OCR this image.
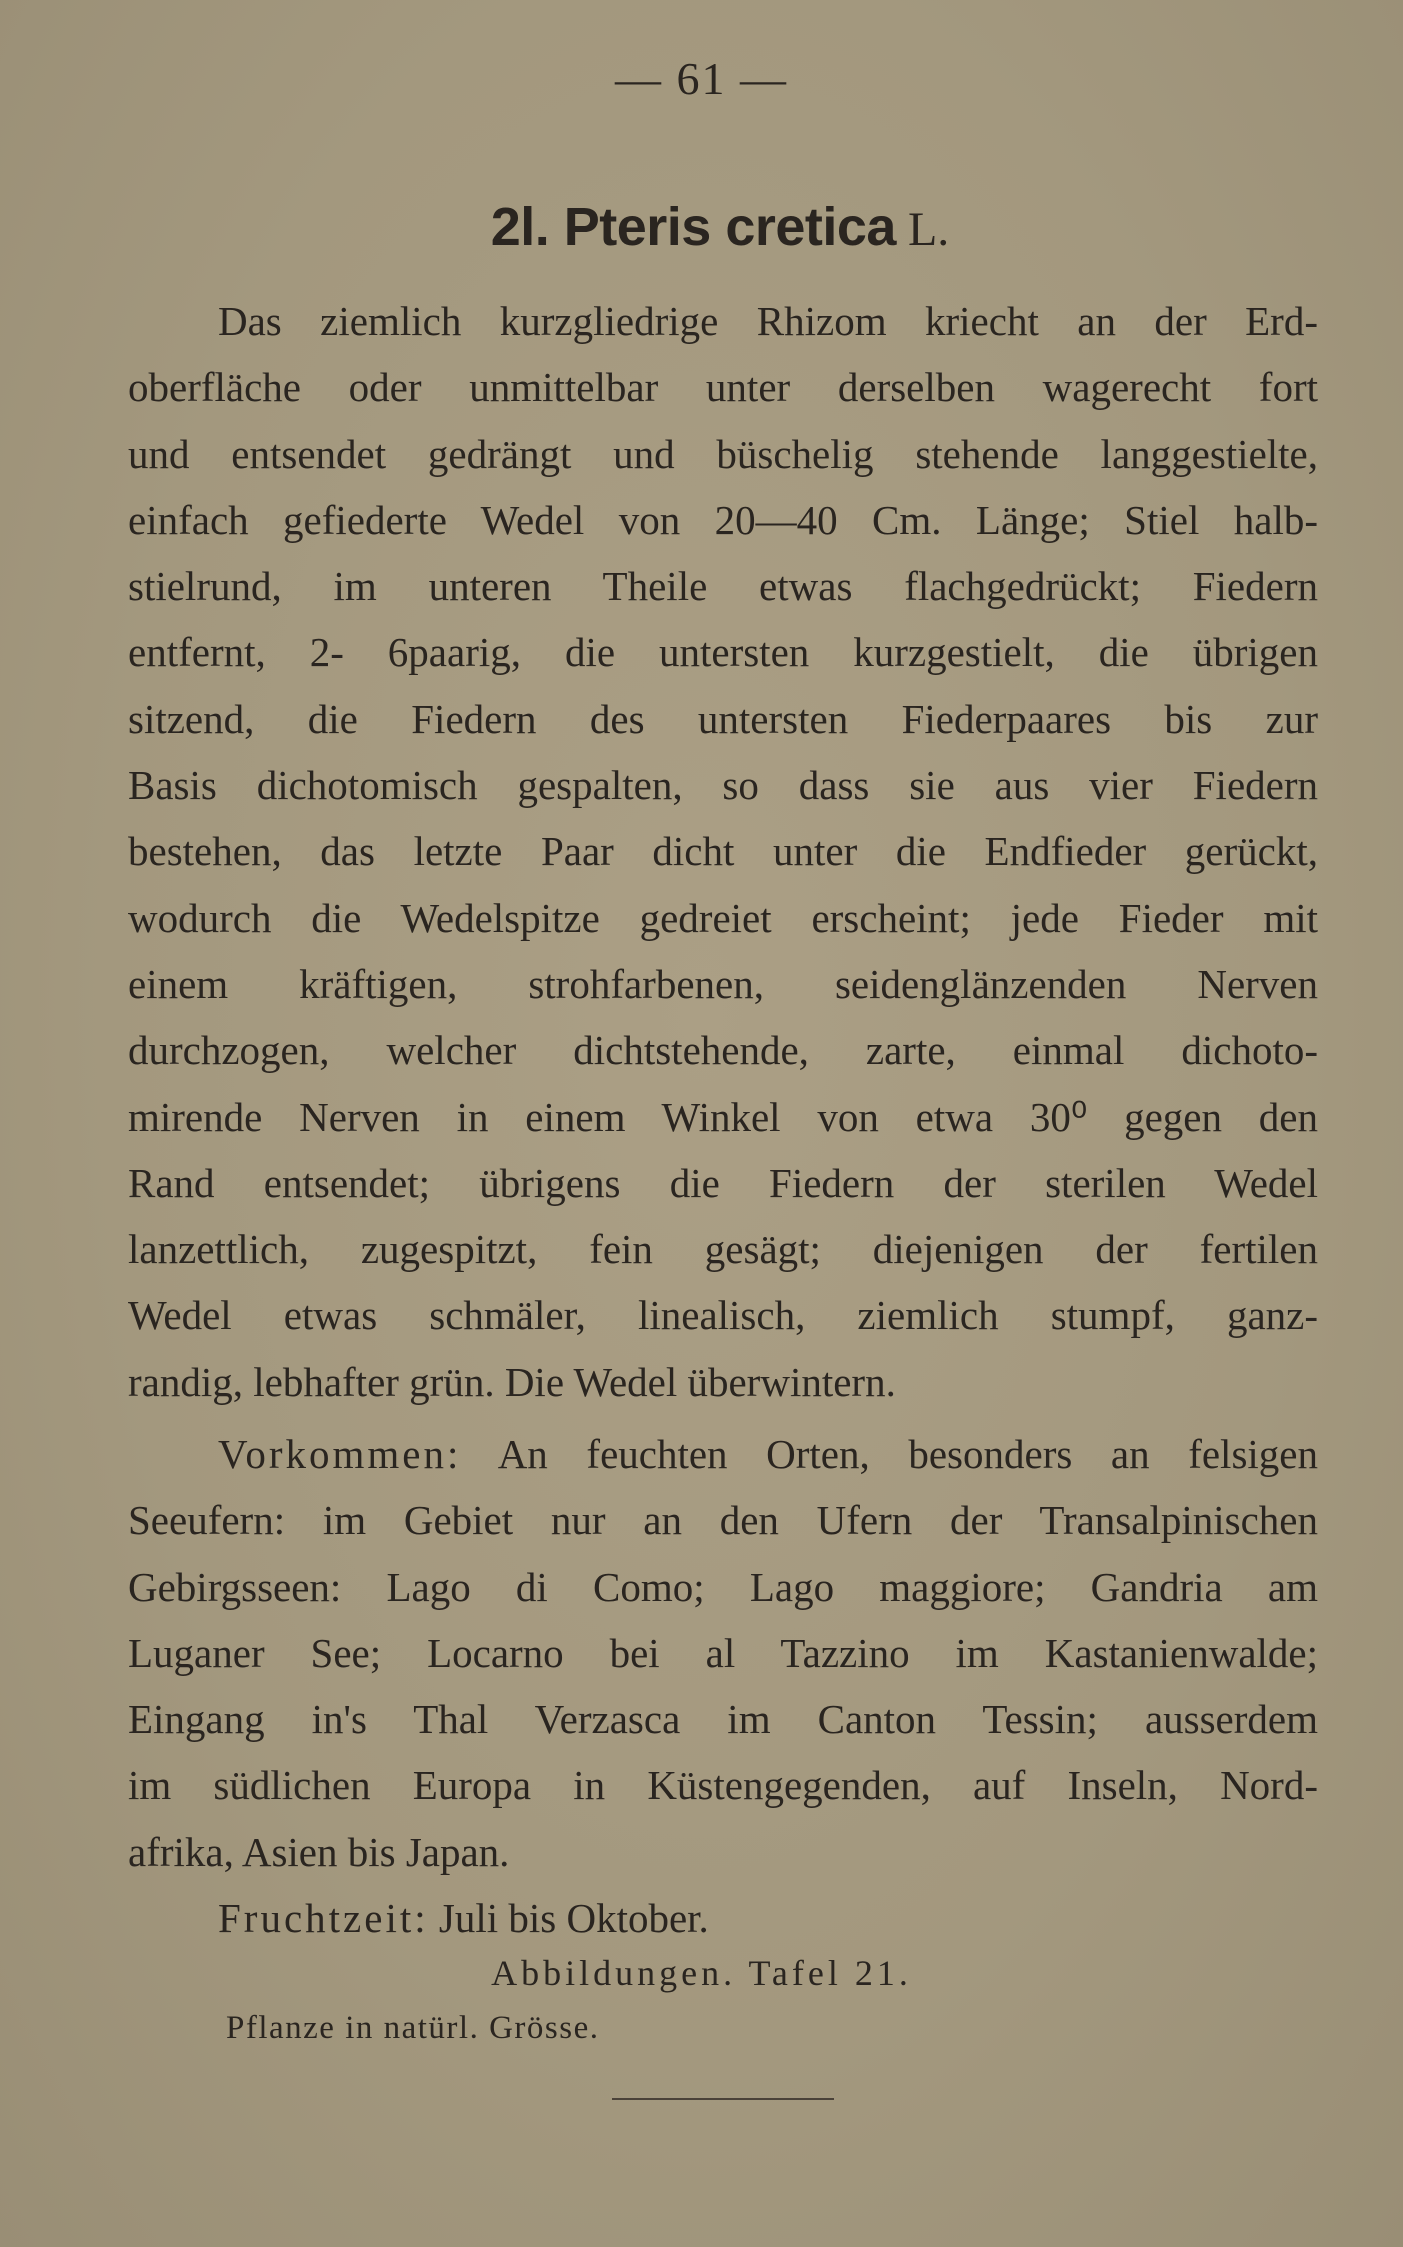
— 61 —
2l. Pteris cretica L.
Das ziemlich kurzgliedrige Rhizom kriecht an der Erd-
oberfläche oder unmittelbar unter derselben wagerecht fort
und entsendet gedrängt und büschelig stehende langgestielte,
einfach gefiederte Wedel von 20—40 Cm. Länge; Stiel halb-
stielrund, im unteren Theile etwas flachgedrückt; Fiedern
entfernt, 2- 6paarig, die untersten kurzgestielt, die übrigen
sitzend, die Fiedern des untersten Fiederpaares bis zur
Basis dichotomisch gespalten, so dass sie aus vier Fiedern
bestehen, das letzte Paar dicht unter die Endfieder gerückt,
wodurch die Wedelspitze gedreiet erscheint; jede Fieder mit
einem kräftigen, strohfarbenen, seidenglänzenden Nerven
durchzogen, welcher dichtstehende, zarte, einmal dichoto-
mirende Nerven in einem Winkel von etwa 30⁰ gegen den
Rand entsendet; übrigens die Fiedern der sterilen Wedel
lanzettlich, zugespitzt, fein gesägt; diejenigen der fertilen
Wedel etwas schmäler, linealisch, ziemlich stumpf, ganz-
randig, lebhafter grün. Die Wedel überwintern.
Vorkommen: An feuchten Orten, besonders an felsigen
Seeufern: im Gebiet nur an den Ufern der Transalpinischen
Gebirgsseen: Lago di Como; Lago maggiore; Gandria am
Luganer See; Locarno bei al Tazzino im Kastanienwalde;
Eingang in's Thal Verzasca im Canton Tessin; ausserdem
im südlichen Europa in Küstengegenden, auf Inseln, Nord-
afrika, Asien bis Japan.
Fruchtzeit: Juli bis Oktober.
Abbildungen. Tafel 21.
Pflanze in natürl. Grösse.
